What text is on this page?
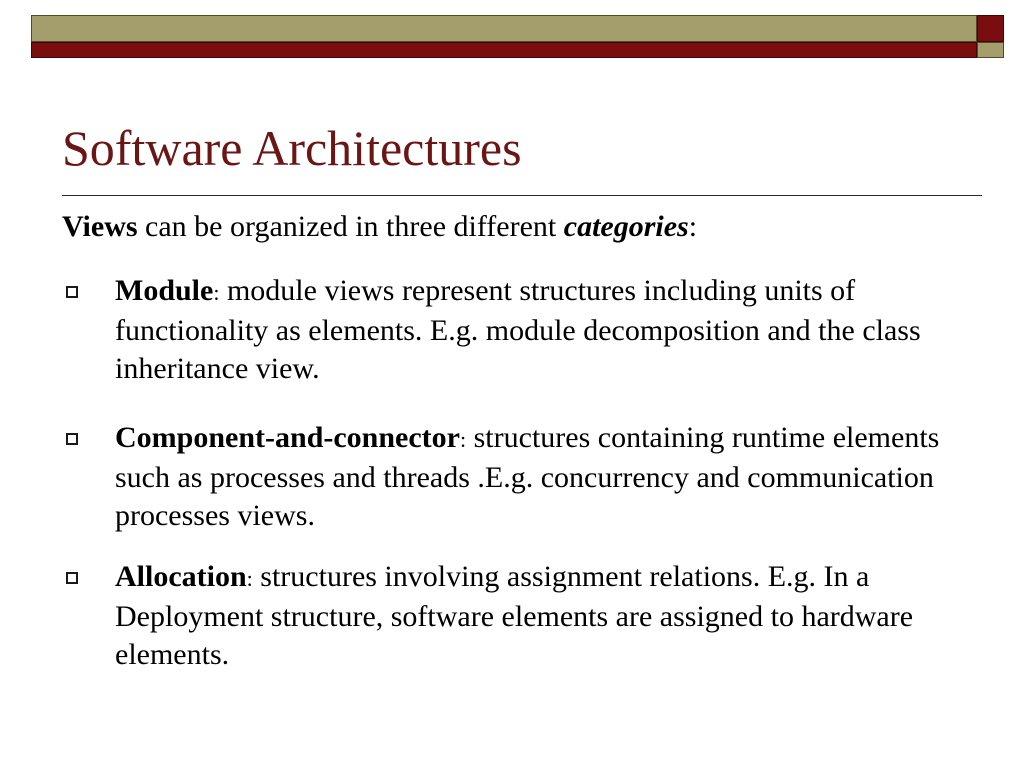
Software Architectures
Views can be organized in three different categories:
Module: module views represent structures including units of functionality as elements. E.g. module decomposition and the class inheritance view.
Component-and-connector: structures containing runtime elements such as processes and threads .E.g. concurrency and communication processes views.
Allocation: structures involving assignment relations. E.g. In a Deployment structure, software elements are assigned to hardware elements.
